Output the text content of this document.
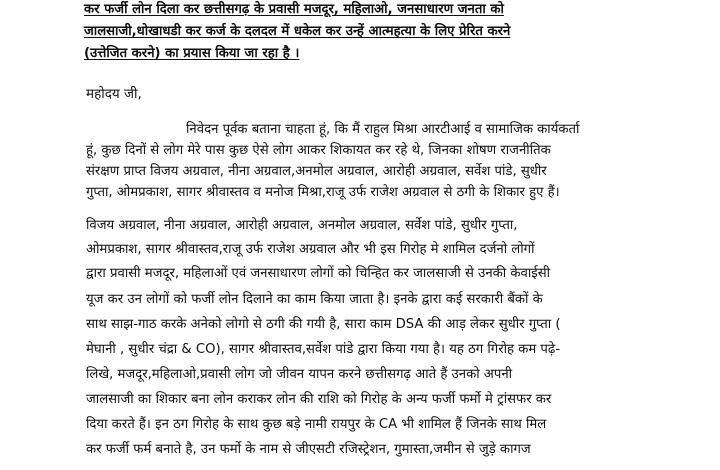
कर फर्जी लोन दिला कर छत्तीसगढ़ के प्रवासी मजदूर, महिलाओ, जनसाधारण जनता को
जालसाजी,धोखाधडी कर कर्ज के दलदल में धकेल कर उन्हें आत्महत्या के लिए प्रेरित करने
(उत्तेजित करने) का प्रयास किया जा रहा है ।
महोदय जी,
निवेदन पूर्वक बताना चाहता हूं, कि मैं राहुल मिश्रा आरटीआई व सामाजिक कार्यकर्ता
हूं, कुछ दिनों से लोग मेरे पास कुछ ऐसे लोग आकर शिकायत कर रहे थे, जिनका शोषण राजनीतिक
संरक्षण प्राप्त विजय अग्रवाल, नीना अग्रवाल,अनमोल अग्रवाल, आरोही अग्रवाल, सर्वेश पांडे, सुधीर
गुप्ता, ओमप्रकाश, सागर श्रीवास्तव व मनोज मिश्रा,राजू उर्फ राजेश अग्रवाल से ठगी के शिकार हुए हैं।
विजय अग्रवाल, नीना अग्रवाल, आरोही अग्रवाल, अनमोल अग्रवाल, सर्वेश पांडे, सुधीर गुप्ता,
ओमप्रकाश, सागर श्रीवास्तव,राजू उर्फ राजेश अग्रवाल और भी इस गिरोह मे शामिल दर्जनो लोगों
द्वारा प्रवासी मजदूर, महिलाओं एवं जनसाधारण लोगों को चिन्हित कर जालसाजी से उनकी केवाईसी
यूज कर उन लोगों को फर्जी लोन दिलाने का काम किया जाता है। इनके द्वारा कई सरकारी बैंकों के
साथ साझ-गाठ करके अनेको लोगो से ठगी की गयी है, सारा काम DSA की आड़ लेकर सुधीर गुप्ता (
मेघानी , सुधीर चंद्रा & CO), सागर श्रीवास्तव,सर्वेश पांडे द्वारा किया गया है। यह ठग गिरोह कम पढ़े-
लिखे, मजदूर,महिलाओ,प्रवासी लोग जो जीवन यापन करने छत्तीसगढ़ आते हैं उनको अपनी
जालसाजी का शिकार बना लोन कराकर लोन की राशि को गिरोह के अन्य फर्जी फर्मो मे ट्रांसफर कर
दिया करते हैं। इन ठग गिरोह के साथ कुछ बड़े नामी रायपुर के CA भी शामिल हैं जिनके साथ मिल
कर फर्जी फर्म बनाते है, उन फर्मो के नाम से जीएसटी रजिस्ट्रेशन, गुमास्ता,जमीन से जुड़े कागज
